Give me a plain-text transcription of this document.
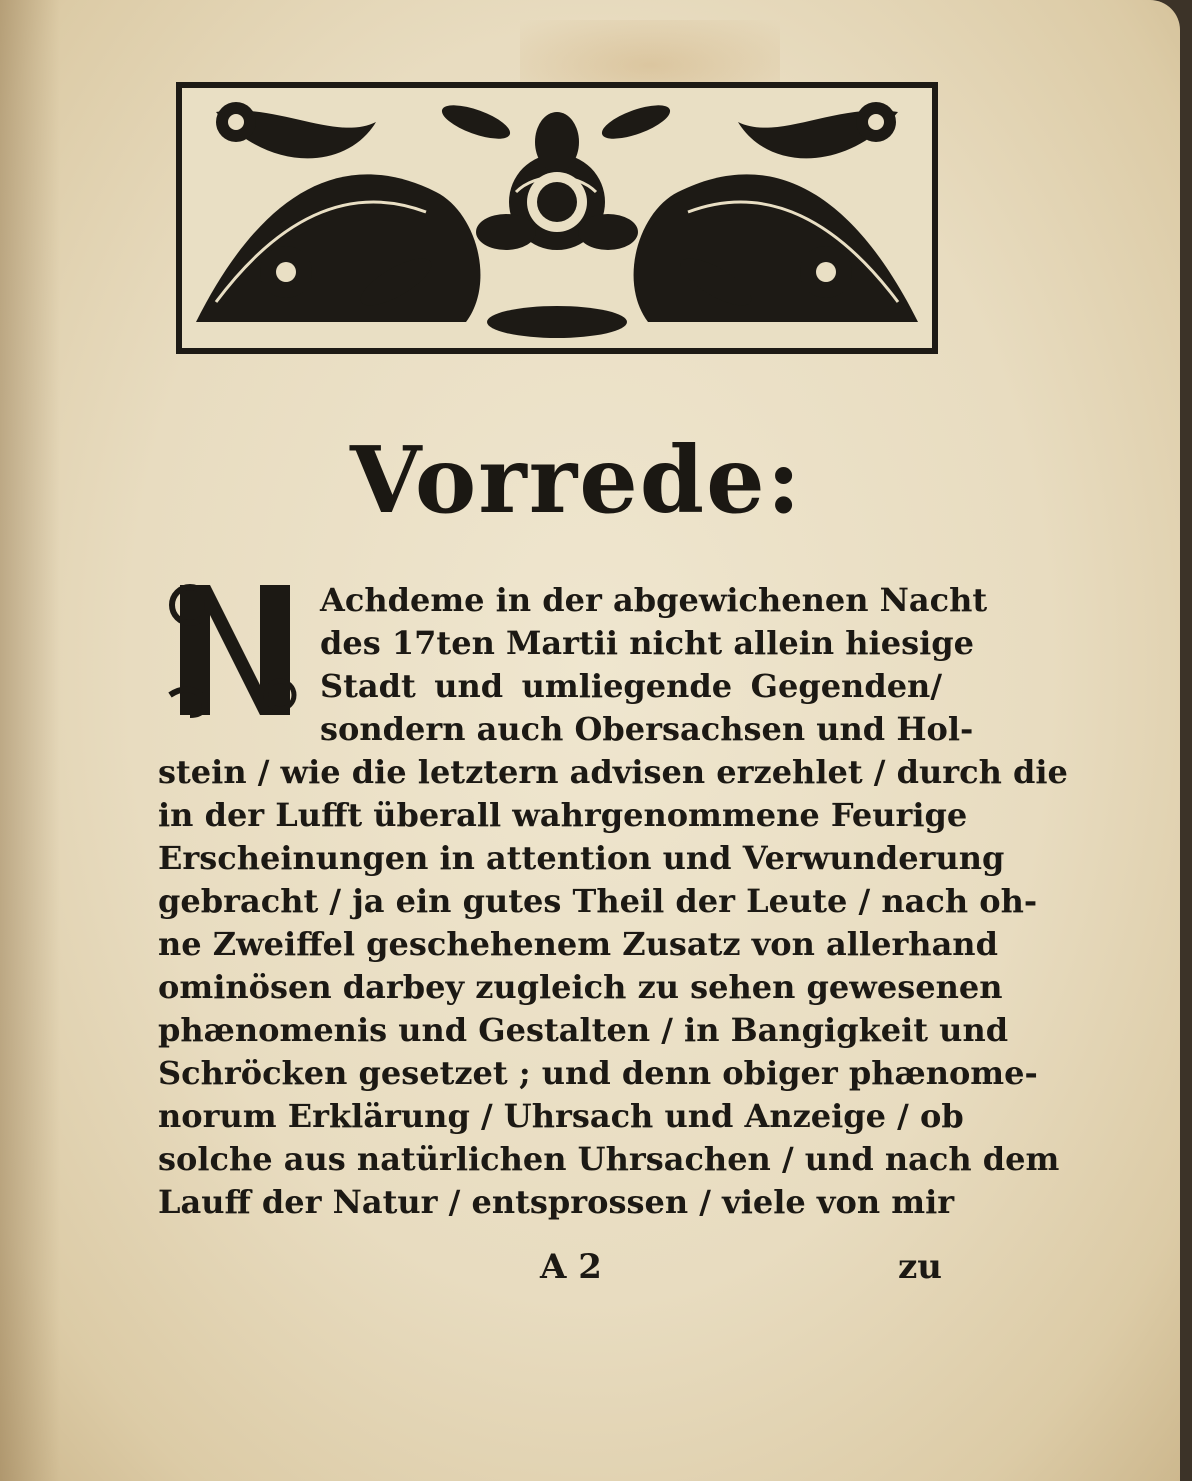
Vorrede:
Achdeme in der abgewichenen Nacht
des 17ten Martii nicht allein hiesige
Stadt und umliegende Gegenden/
sondern auch Obersachsen und Hol-
stein / wie die letztern advisen erzehlet / durch die
in der Lufft überall wahrgenommene Feurige
Erscheinungen in attention und Verwunderung
gebracht / ja ein gutes Theil der Leute / nach oh-
ne Zweiffel geschehenem Zusatz von allerhand
ominösen darbey zugleich zu sehen gewesenen
phænomenis und Gestalten / in Bangigkeit und
Schröcken gesetzet ; und denn obiger phænome-
norum Erklärung / Uhrsach und Anzeige / ob
solche aus natürlichen Uhrsachen / und nach dem
Lauff der Natur / entsprossen / viele von mir
A 2	zu
